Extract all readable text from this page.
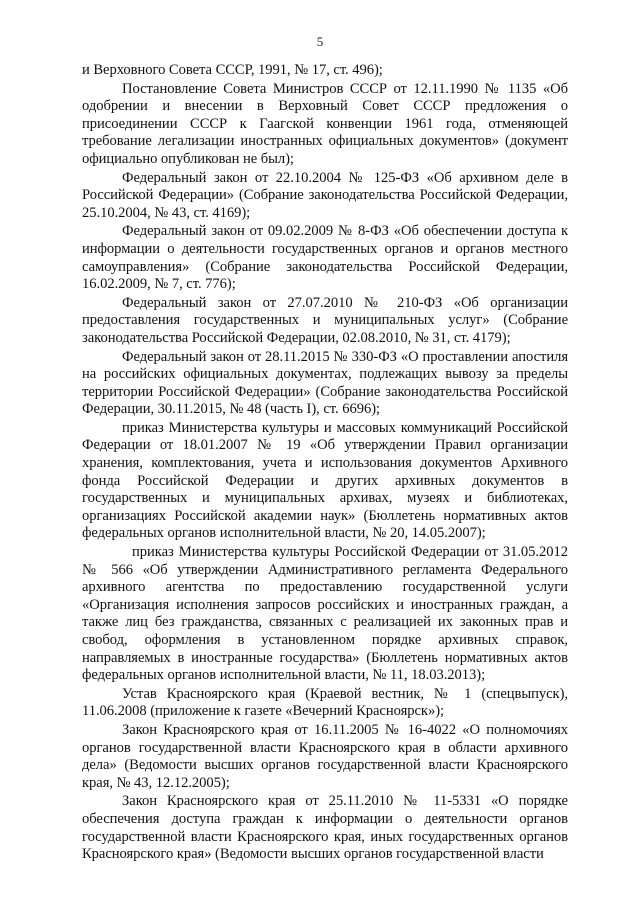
5

и Верховного Совета СССР, 1991, № 17, ст. 496);

Постановление Совета Министров СССР от 12.11.1990 № 1135 «Об одобрении и внесении в Верховный Совет СССР предложения о присоединении СССР к Гаагской конвенции 1961 года, отменяющей требование легализации иностранных официальных документов» (документ официально опубликован не был);

Федеральный закон от 22.10.2004 № 125-ФЗ «Об архивном деле в Российской Федерации» (Собрание законодательства Российской Федерации, 25.10.2004, № 43, ст. 4169);

Федеральный закон от 09.02.2009 № 8-ФЗ «Об обеспечении доступа к информации о деятельности государственных органов и органов местного самоуправления» (Собрание законодательства Российской Федерации, 16.02.2009, № 7, ст. 776);

Федеральный закон от 27.07.2010 № 210-ФЗ «Об организации предоставления государственных и муниципальных услуг» (Собрание законодательства Российской Федерации, 02.08.2010, № 31, ст. 4179);

Федеральный закон от 28.11.2015 № 330-ФЗ «О проставлении апостиля на российских официальных документах, подлежащих вывозу за пределы территории Российской Федерации» (Собрание законодательства Российской Федерации, 30.11.2015, № 48 (часть I), ст. 6696);

приказ Министерства культуры и массовых коммуникаций Российской Федерации от 18.01.2007 № 19 «Об утверждении Правил организации хранения, комплектования, учета и использования документов Архивного фонда Российской Федерации и других архивных документов в государственных и муниципальных архивах, музеях и библиотеках, организациях Российской академии наук» (Бюллетень нормативных актов федеральных органов исполнительной власти, № 20, 14.05.2007);

приказ Министерства культуры Российской Федерации от 31.05.2012 № 566 «Об утверждении Административного регламента Федерального архивного агентства по предоставлению государственной услуги «Организация исполнения запросов российских и иностранных граждан, а также лиц без гражданства, связанных с реализацией их законных прав и свобод, оформления в установленном порядке архивных справок, направляемых в иностранные государства» (Бюллетень нормативных актов федеральных органов исполнительной власти, № 11, 18.03.2013);

Устав Красноярского края (Краевой вестник, № 1 (спецвыпуск), 11.06.2008 (приложение к газете «Вечерний Красноярск»);

Закон Красноярского края от 16.11.2005 № 16-4022 «О полномочиях органов государственной власти Красноярского края в области архивного дела» (Ведомости высших органов государственной власти Красноярского края, № 43, 12.12.2005);

Закон Красноярского края от 25.11.2010 № 11-5331 «О порядке обеспечения доступа граждан к информации о деятельности органов государственной власти Красноярского края, иных государственных органов Красноярского края» (Ведомости высших органов государственной власти
